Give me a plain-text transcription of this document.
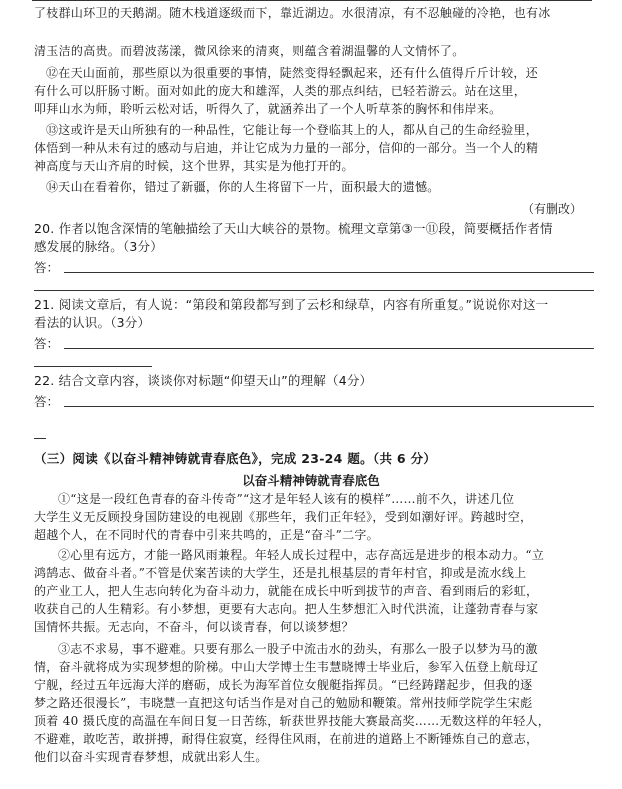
了枝群山环卫的天鹅湖。随木栈道逐级而下，靠近湖边。水很清凉，有不忍触碰的冷艳，也有冰
清玉洁的高贵。而碧波荡漾，微风徐来的清爽，则蕴含着湖温馨的人文情怀了。
⑫在天山面前，那些原以为很重要的事情，陡然变得轻飘起来，还有什么值得斤斤计较，还
有什么可以肝肠寸断。面对如此的庞大和雄浑，人类的那点纠结，已轻若游云。站在这里，
叩拜山水为师，聆听云松对话，听得久了，就涵养出了一个人听草茶的胸怀和伟岸来。
⑬这或许是天山所独有的一种品性，它能让每一个登临其上的人，都从自己的生命经验里，
体悟到一种从未有过的感动与启迪，并让它成为力量的一部分，信仰的一部分。当一个人的精
神高度与天山齐肩的时候，这个世界，其实是为他打开的。
⑭天山在看着你，错过了新疆，你的人生将留下一片，面积最大的遗憾。
（有删改）
20. 作者以饱含深情的笔触描绘了天山大峡谷的景物。梳理文章第③一⑪段，简要概括作者情
感发展的脉络。（3分）
答：
21. 阅读文章后，有人说：“第段和第段都写到了云杉和绿草，内容有所重复。”说说你对这一
看法的认识。（3分）
答：
22. 结合文章内容，谈谈你对标题“仰望天山”的理解（4分）
答：
（三）阅读《以奋斗精神铸就青春底色》，完成 23-24 题。（共 6 分）
以奋斗精神铸就青春底色
①“这是一段红色青春的奋斗传奇”“这才是年轻人该有的模样”……前不久，讲述几位
大学生义无反顾投身国防建设的电视剧《那些年，我们正年轻》，受到如潮好评。跨越时空，
超越个人，在不同时代的青春中引来共鸣的，正是“奋斗”二字。
②心里有远方，才能一路风雨兼程。年轻人成长过程中，志存高远是进步的根本动力。“立
鸿鹄志、做奋斗者。”不管是伏案苦读的大学生，还是扎根基层的青年村官，抑或是流水线上
的产业工人，把人生志向转化为奋斗动力，就能在成长中听到拔节的声音、看到雨后的彩虹，
收获自己的人生精彩。有小梦想，更要有大志向。把人生梦想汇入时代洪流，让蓬勃青春与家
国情怀共振。无志向，不奋斗，何以谈青春，何以谈梦想？
③志不求易，事不避难。只要有那么一股子中流击水的劲头，有那么一股子以梦为马的激
情，奋斗就将成为实现梦想的阶梯。中山大学博士生韦慧晓博士毕业后，参军入伍登上航母辽
宁舰，经过五年远海大洋的磨砺，成长为海军首位女舰艇指挥员。“已经踌躇起步，但我的逐
梦之路还很漫长”，韦晓慧一直把这句话当作是对自己的勉励和鞭策。常州技师学院学生宋彪
顶着 40 摄氏度的高温在车间日复一日苦练，斩获世界技能大赛最高奖……无数这样的年轻人，
不避难，敢吃苦，敢拼搏，耐得住寂寞，经得住风雨，在前进的道路上不断锤炼自己的意志，
他们以奋斗实现青春梦想，成就出彩人生。
